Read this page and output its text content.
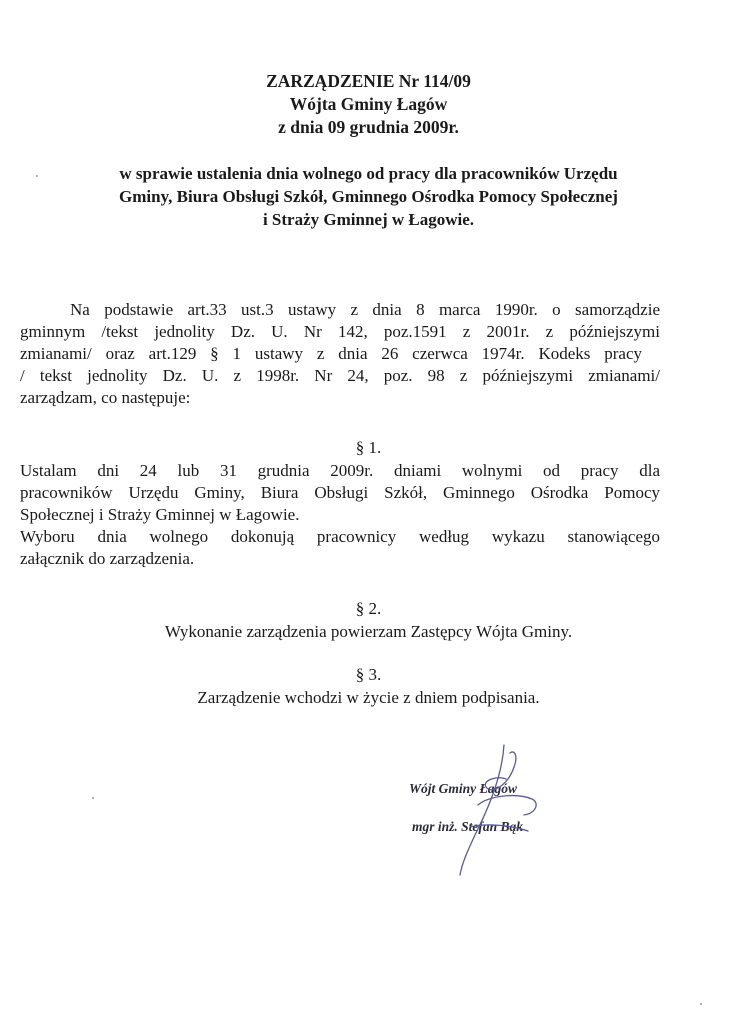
ZARZĄDZENIE Nr 114/09
Wójta Gminy Łagów
z dnia 09 grudnia 2009r.
w sprawie ustalenia dnia wolnego od pracy dla pracowników Urzędu
Gminy, Biura Obsługi Szkół, Gminnego Ośrodka Pomocy Społecznej
i Straży Gminnej w Łagowie.
Na podstawie art.33 ust.3 ustawy z dnia 8 marca 1990r. o samorządzie
gminnym /tekst jednolity Dz. U. Nr 142, poz.1591 z 2001r. z późniejszymi
zmianami/ oraz art.129 § 1 ustawy z dnia 26 czerwca 1974r. Kodeks pracy
/ tekst jednolity Dz. U. z 1998r. Nr 24, poz. 98 z późniejszymi zmianami/
zarządzam, co następuje:
§ 1.
Ustalam dni 24 lub 31 grudnia 2009r. dniami wolnymi od pracy dla
pracowników Urzędu Gminy, Biura Obsługi Szkół, Gminnego Ośrodka Pomocy
Społecznej i Straży Gminnej w Łagowie.
Wyboru dnia wolnego dokonują pracownicy według wykazu stanowiącego
załącznik do zarządzenia.
§ 2.
Wykonanie zarządzenia powierzam Zastępcy Wójta Gminy.
§ 3.
Zarządzenie wchodzi w życie z dniem podpisania.
Wójt Gminy Łagów
mgr inż. Stefan Bąk
